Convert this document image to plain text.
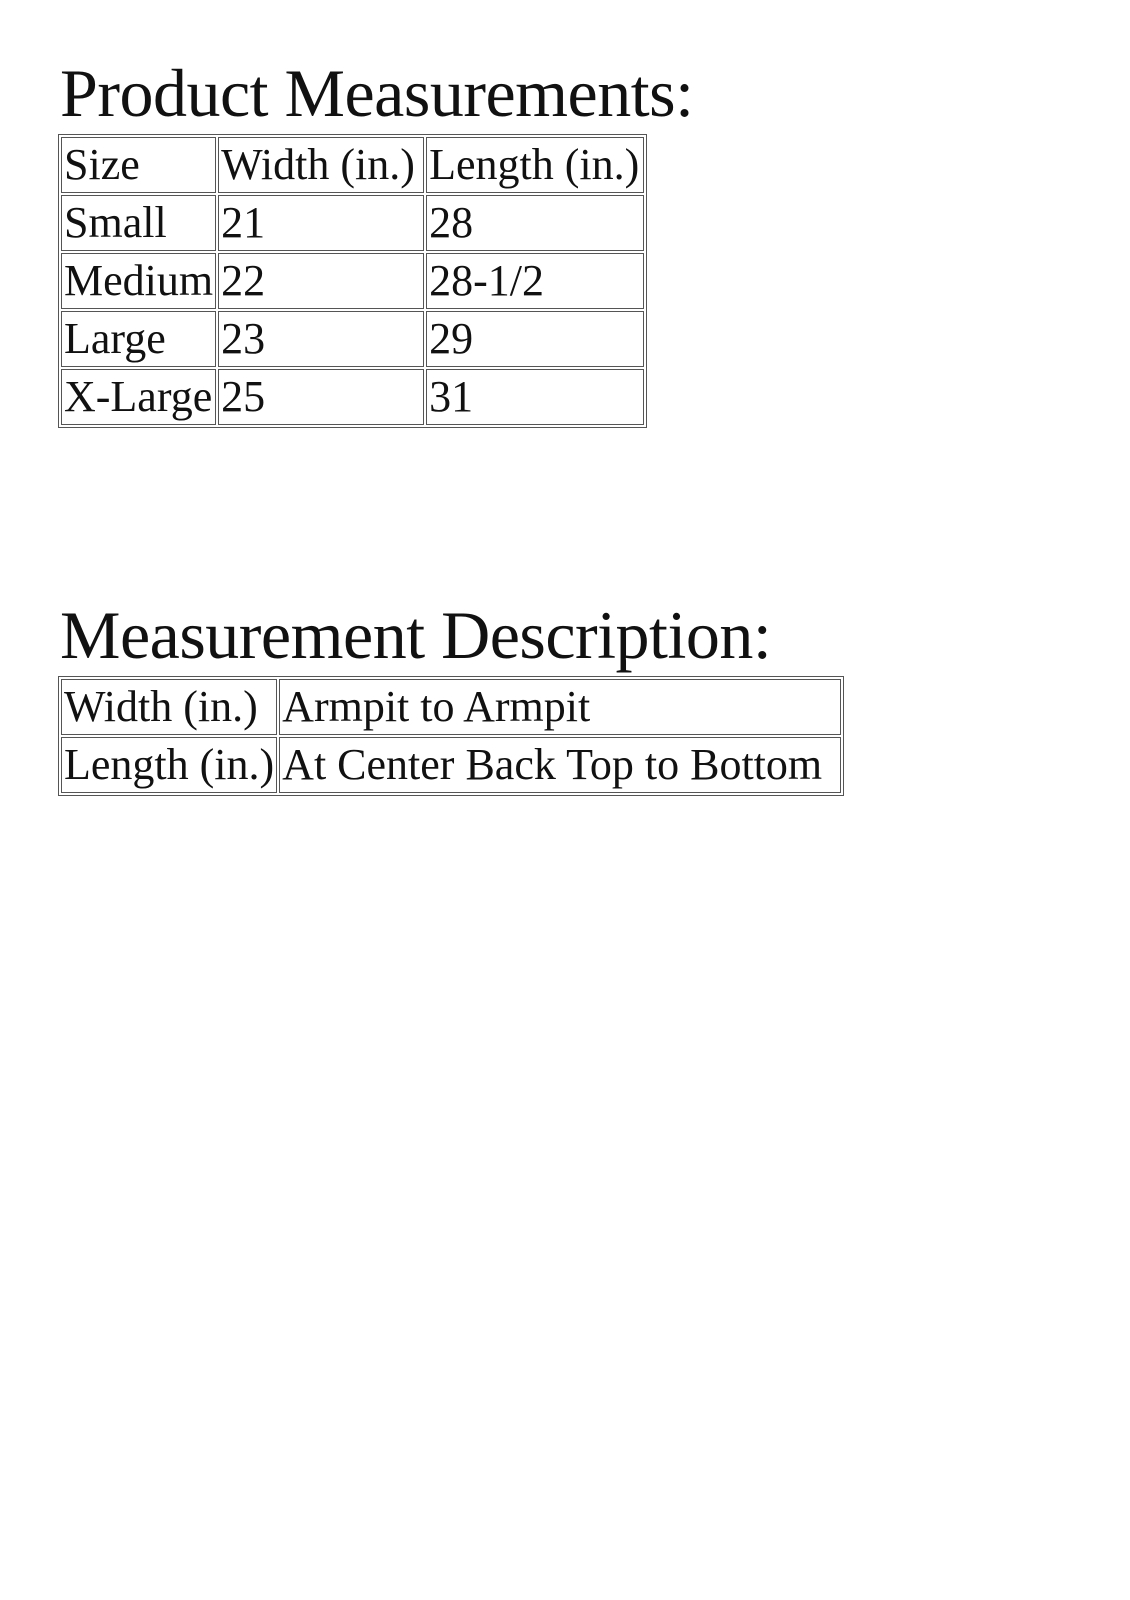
Product Measurements:
Size	Width (in.)	Length (in.)
Small	21	28
Medium	22	28-1/2
Large	23	29
X-Large	25	31
Measurement Description:
Width (in.)	Armpit to Armpit
Length (in.)	At Center Back Top to Bottom
